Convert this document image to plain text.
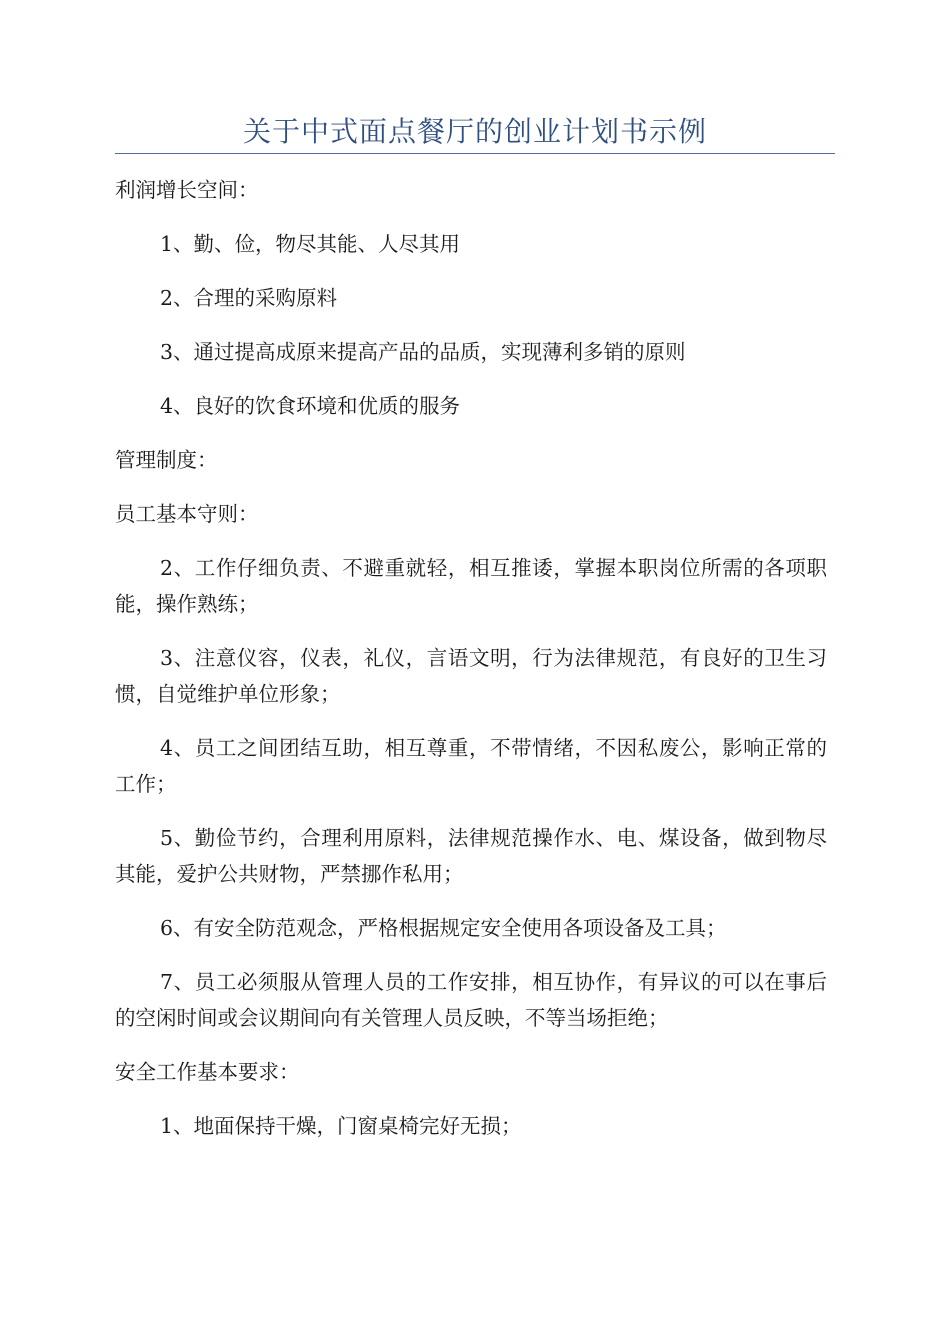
关于中式面点餐厅的创业计划书示例

利润增长空间：

1、勤、俭，物尽其能、人尽其用

2、合理的采购原料

3、通过提高成原来提高产品的品质，实现薄利多销的原则

4、良好的饮食环境和优质的服务

管理制度：

员工基本守则：

2、工作仔细负责、不避重就轻，相互推诿，掌握本职岗位所需的各项职能，操作熟练；

3、注意仪容，仪表，礼仪，言语文明，行为法律规范，有良好的卫生习惯，自觉维护单位形象；

4、员工之间团结互助，相互尊重，不带情绪，不因私废公，影响正常的工作；

5、勤俭节约，合理利用原料，法律规范操作水、电、煤设备，做到物尽其能，爱护公共财物，严禁挪作私用；

6、有安全防范观念，严格根据规定安全使用各项设备及工具；

7、员工必须服从管理人员的工作安排，相互协作，有异议的可以在事后的空闲时间或会议期间向有关管理人员反映，不等当场拒绝；

安全工作基本要求：

1、地面保持干燥，门窗桌椅完好无损；
